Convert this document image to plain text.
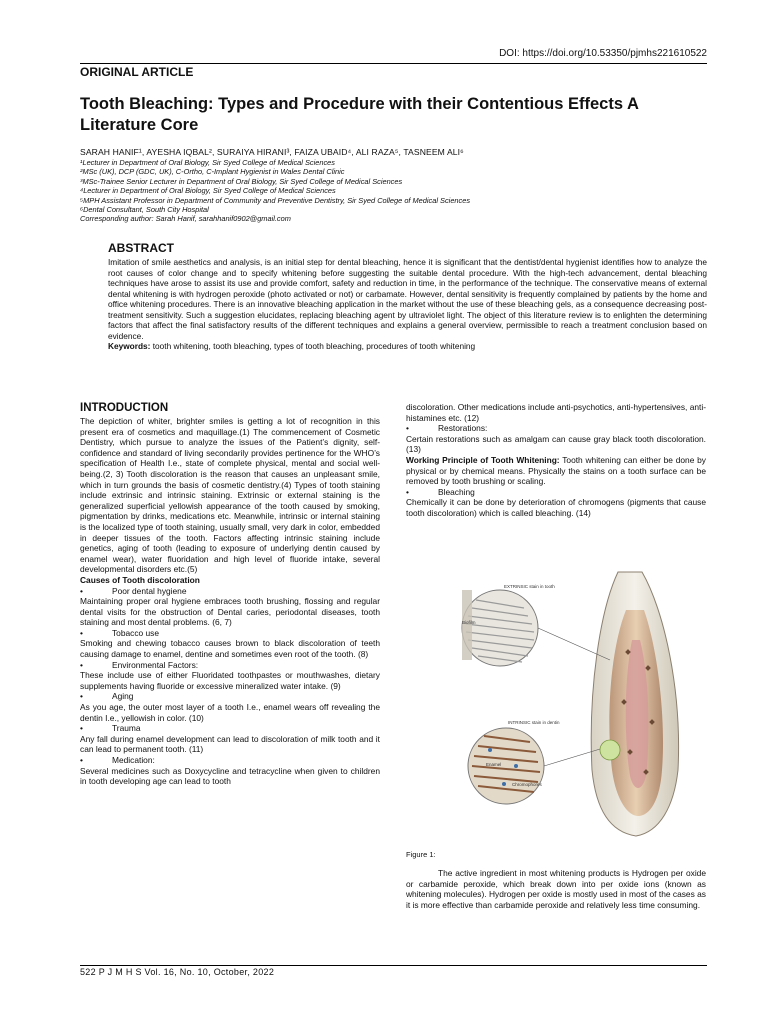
DOI: https://doi.org/10.53350/pjmhs221610522
ORIGINAL ARTICLE
Tooth Bleaching: Types and Procedure with their Contentious Effects A Literature Core
SARAH HANIF¹, AYESHA IQBAL², SURAIYA HIRANI³, FAIZA UBAID⁴, ALI RAZA⁵, TASNEEM ALI⁶
¹Lecturer in Department of Oral Biology, Sir Syed College of Medical Sciences
²MSc (UK), DCP (GDC, UK), C-Ortho, C-Implant Hygienist in Wales Dental Clinic
³MSc-Trainee Senior Lecturer in Department of Oral Biology, Sir Syed College of Medical Sciences
⁴Lecturer in Department of Oral Biology, Sir Syed College of Medical Sciences
⁵MPH Assistant Professor in Department of Community and Preventive Dentistry, Sir Syed College of Medical Sciences
⁶Dental Consultant, South City Hospital
Corresponding author: Sarah Hanif, sarahhanif0902@gmail.com
ABSTRACT

Imitation of smile aesthetics and analysis, is an initial step for dental bleaching, hence it is significant that the dentist/dental hygienist identifies how to analyze the root causes of color change and to specify whitening before suggesting the suitable dental procedure. With the high-tech advancement, dental bleaching techniques have arose to assist its use and provide comfort, safety and reduction in time, in the performance of the technique. The conservative means of external dental whitening is with hydrogen peroxide (photo activated or not) or carbamate. However, dental sensitivity is frequently complained by patients by the home and office whitening procedures. There is an innovative bleaching application in the market without the use of these bleaching gels, as a consequence decreasing post-treatment sensitivity. Such a suggestion elucidates, replacing bleaching agent by ultraviolet light. The object of this literature review is to enlighten the determining factors that affect the final satisfactory results of the different techniques and explains a general overview, permissible to reach a treatment conclusion based on evidence.

Keywords: tooth whitening, tooth bleaching, types of tooth bleaching, procedures of tooth whitening
INTRODUCTION

The depiction of whiter, brighter smiles is getting a lot of recognition in this present era of cosmetics and maquillage.(1) The commencement of Cosmetic Dentistry, which pursue to analyze the issues of the Patient’s dignity, self-confidence and standard of living secondarily provides pertinence for the WHO’s specification of Health I.e., state of complete physical, mental and social well-being.(2, 3) Tooth discoloration is the reason that causes an unpleasant smile, which in turn grounds the basis of cosmetic dentistry.(4) Types of tooth staining include extrinsic and intrinsic staining. Extrinsic or external staining is the generalized superficial yellowish appearance of the tooth caused by smoking, pigmentation by drinks, medications etc. Meanwhile, intrinsic or internal staining is the localized type of tooth staining, usually small, very dark in color, embedded in deeper tissues of the tooth. Factors affecting intrinsic staining include genetics, aging of tooth (leading to exposure of underlying dentin caused by enamel wear), water fluoridation and high level of fluoride intake, several developmental disorders etc.(5)

Causes of Tooth discoloration

•	Poor dental hygiene

Maintaining proper oral hygiene embraces tooth brushing, flossing and regular dental visits for the obstruction of Dental caries, periodontal diseases, tooth staining and most dental problems. (6, 7)

•	Tobacco use

Smoking and chewing tobacco causes brown to black discoloration of teeth causing damage to enamel, dentine and sometimes even root of the tooth. (8)

•	Environmental Factors:

These include use of either Fluoridated toothpastes or mouthwashes, dietary supplements having fluoride or excessive mineralized water intake. (9)

•	Aging

As you age, the outer most layer of a tooth I.e., enamel wears off revealing the dentin I.e., yellowish in color. (10)

•	Trauma

Any fall during enamel development can lead to discoloration of milk tooth and it can lead to permanent tooth. (11)

•	Medication:

Several medicines such as Doxycycline and tetracycline when given to children in tooth developing age can lead to tooth

discoloration. Other medications include anti-psychotics, anti-hypertensives, anti-histamines etc. (12)

•	Restorations:

Certain restorations such as amalgam can cause gray black tooth discoloration. (13)

Working Principle of Tooth Whitening: Tooth whitening can either be done by physical or by chemical means. Physically the stains on a tooth surface can be removed by tooth brushing or scaling.

•	Bleaching

Chemically it can be done by deterioration of chromogens (pigments that cause tooth discoloration) which is called bleaching. (14)

EXTRINSIC stain in tooth
Biofilm
INTRINSIC stain in dentin
Enamel
Chromophores
Figure 1:

The active ingredient in most whitening products is Hydrogen per oxide or carbamide peroxide, which break down into per oxide ions (known as whitening molecules). Hydrogen per oxide is mostly used in most of the cases as it is more effective than carbamide peroxide and relatively less time consuming.

522 P J M H S Vol. 16, No. 10, October, 2022
